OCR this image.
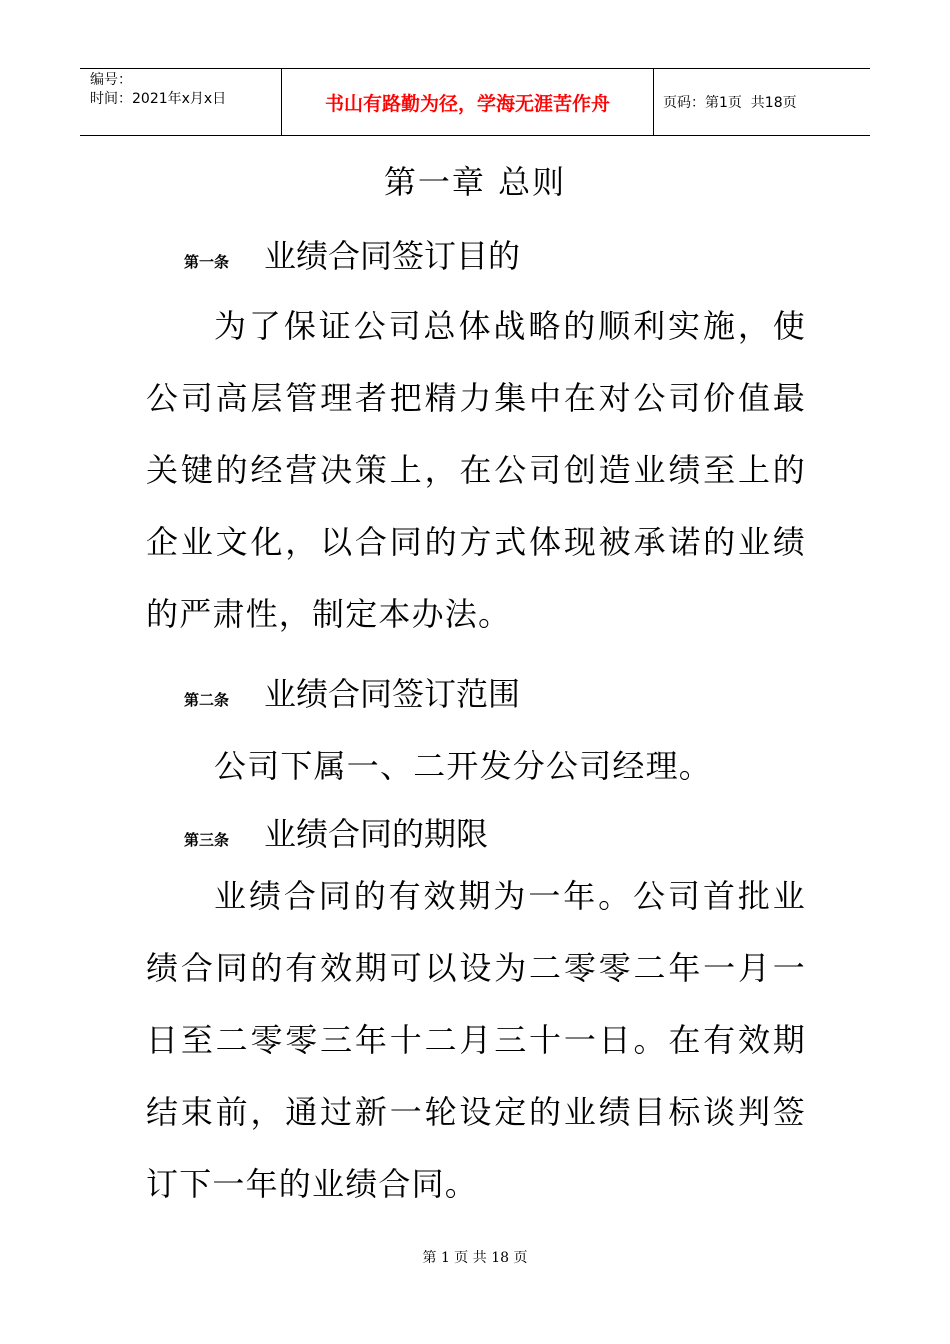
编号：
时间：2021年x月x日	书山有路勤为径，学海无涯苦作舟	页码：第1页  共18页
第一章 总则
第一条 业绩合同签订目的
为了保证公司总体战略的顺利实施，使公司高层管理者把精力集中在对公司价值最关键的经营决策上，在公司创造业绩至上的企业文化，以合同的方式体现被承诺的业绩的严肃性，制定本办法。
第二条 业绩合同签订范围
公司下属一、二开发分公司经理。
第三条 业绩合同的期限
业绩合同的有效期为一年。公司首批业绩合同的有效期可以设为二零零二年一月一日至二零零三年十二月三十一日。在有效期结束前，通过新一轮设定的业绩目标谈判签订下一年的业绩合同。
第 1 页 共 18 页
